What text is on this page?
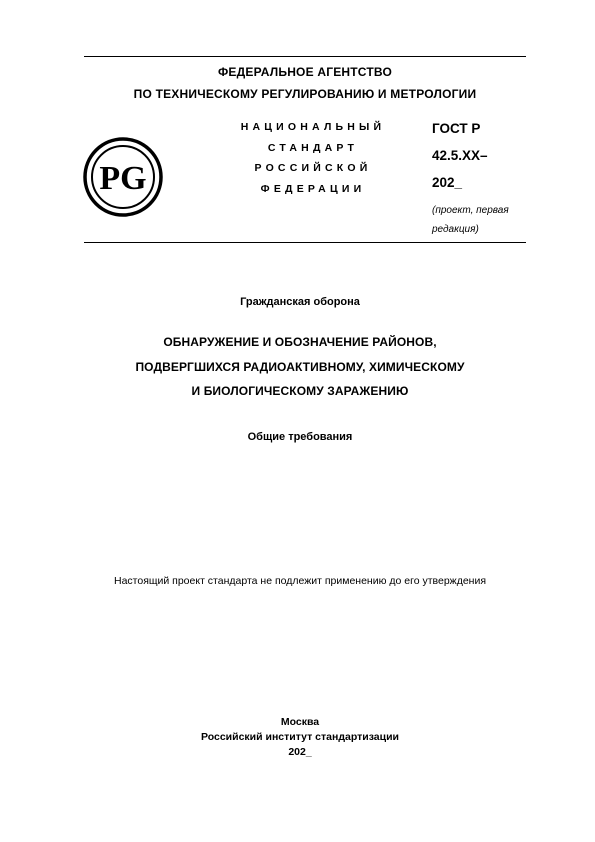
ФЕДЕРАЛЬНОЕ АГЕНТСТВО
ПО ТЕХНИЧЕСКОМУ РЕГУЛИРОВАНИЮ И МЕТРОЛОГИИ
PG
НАЦИОНАЛЬНЫЙ
СТАНДАРТ
РОССИЙСКОЙ
ФЕДЕРАЦИИ
ГОСТ Р
42.5.XX–
202_
(проект, первая
редакция)
Гражданская оборона
ОБНАРУЖЕНИЕ И ОБОЗНАЧЕНИЕ РАЙОНОВ,
ПОДВЕРГШИХСЯ РАДИОАКТИВНОМУ, ХИМИЧЕСКОМУ
И БИОЛОГИЧЕСКОМУ ЗАРАЖЕНИЮ
Общие требования
Настоящий проект стандарта не подлежит применению до его утверждения
Москва
Российский институт стандартизации
202_
